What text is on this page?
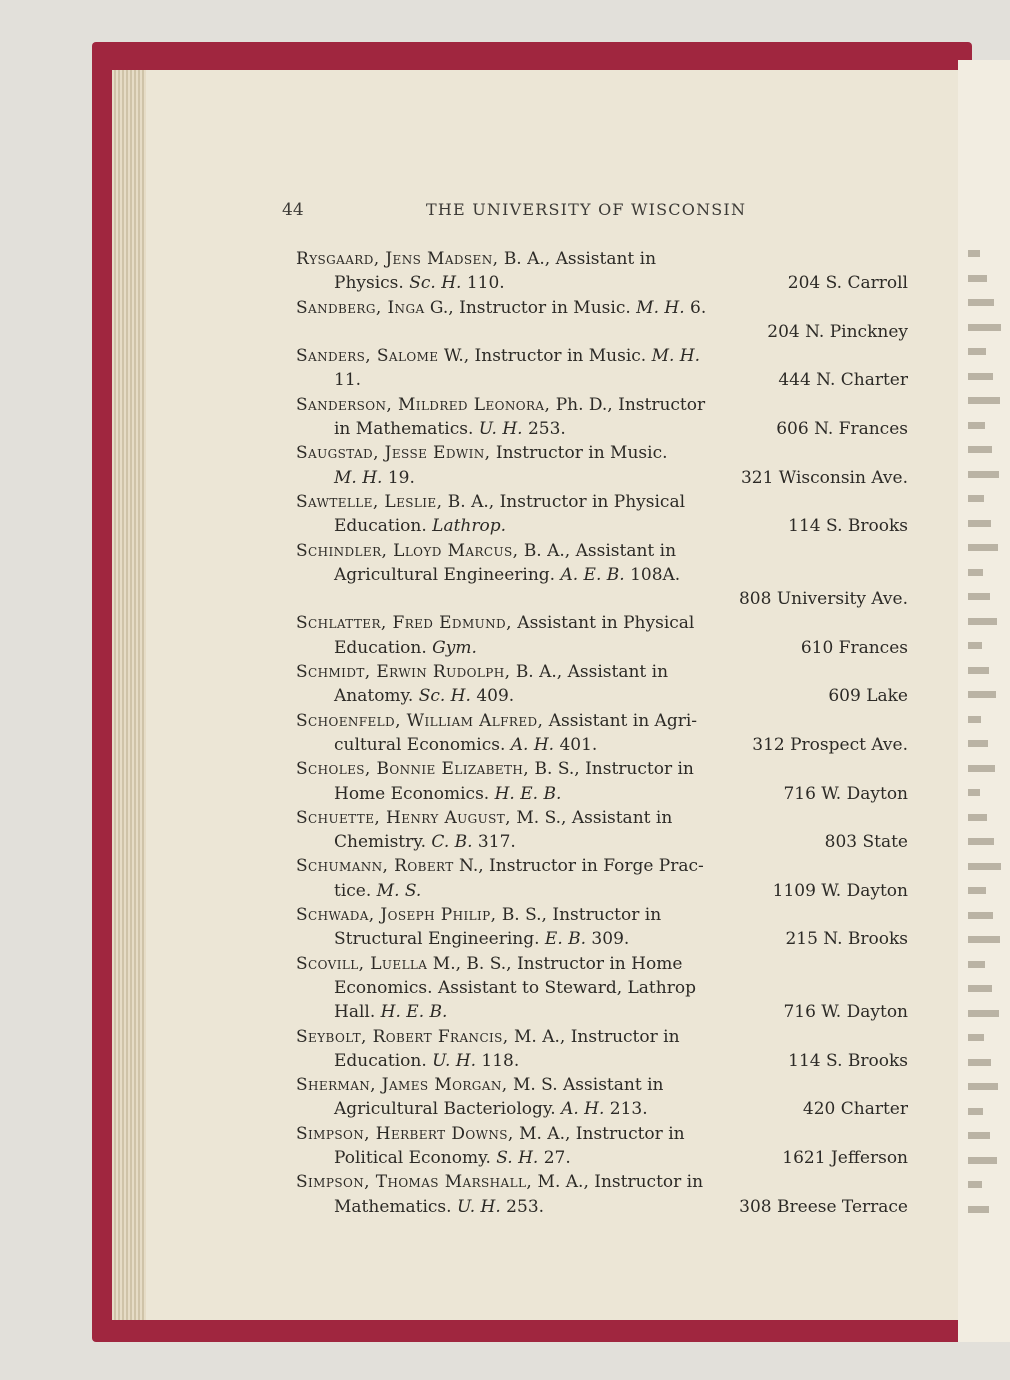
44	THE UNIVERSITY OF WISCONSIN
Rysgaard, Jens Madsen, B. A., Assistant in
Physics. Sc. H. 110.	204 S. Carroll
Sandberg, Inga G., Instructor in Music. M. H. 6.
204 N. Pinckney
Sanders, Salome W., Instructor in Music. M. H.
11.	444 N. Charter
Sanderson, Mildred Leonora, Ph. D., Instructor
in Mathematics. U. H. 253.	606 N. Frances
Saugstad, Jesse Edwin, Instructor in Music.
M. H. 19.	321 Wisconsin Ave.
Sawtelle, Leslie, B. A., Instructor in Physical
Education. Lathrop.	114 S. Brooks
Schindler, Lloyd Marcus, B. A., Assistant in
Agricultural Engineering. A. E. B. 108A.
808 University Ave.
Schlatter, Fred Edmund, Assistant in Physical
Education. Gym.	610 Frances
Schmidt, Erwin Rudolph, B. A., Assistant in
Anatomy. Sc. H. 409.	609 Lake
Schoenfeld, William Alfred, Assistant in Agri-
cultural Economics. A. H. 401.	312 Prospect Ave.
Scholes, Bonnie Elizabeth, B. S., Instructor in
Home Economics. H. E. B.	716 W. Dayton
Schuette, Henry August, M. S., Assistant in
Chemistry. C. B. 317.	803 State
Schumann, Robert N., Instructor in Forge Prac-
tice. M. S.	1109 W. Dayton
Schwada, Joseph Philip, B. S., Instructor in
Structural Engineering. E. B. 309.	215 N. Brooks
Scovill, Luella M., B. S., Instructor in Home
Economics. Assistant to Steward, Lathrop
Hall. H. E. B.	716 W. Dayton
Seybolt, Robert Francis, M. A., Instructor in
Education. U. H. 118.	114 S. Brooks
Sherman, James Morgan, M. S. Assistant in
Agricultural Bacteriology. A. H. 213.	420 Charter
Simpson, Herbert Downs, M. A., Instructor in
Political Economy. S. H. 27.	1621 Jefferson
Simpson, Thomas Marshall, M. A., Instructor in
Mathematics. U. H. 253.	308 Breese Terrace
